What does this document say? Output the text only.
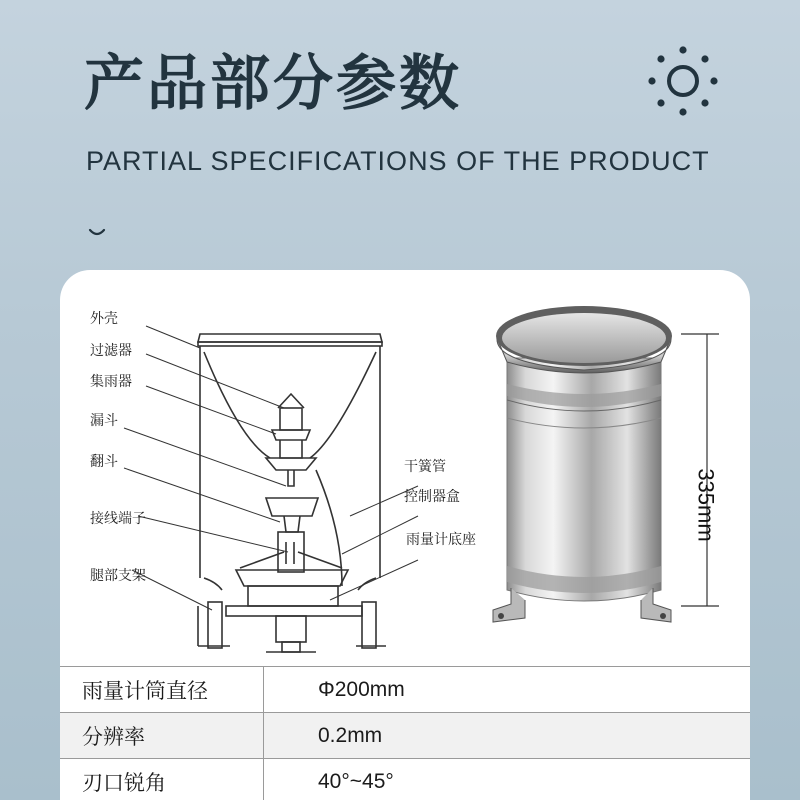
产品部分参数
PARTIAL SPECIFICATIONS OF THE PRODUCT
外壳
过滤器
集雨器
漏斗
翻斗
接线端子
腿部支架
干簧管
控制器盒
雨量计底座	335mm
雨量计筒直径	Φ200mm
分辨率	0.2mm
刃口锐角	40°~45°
